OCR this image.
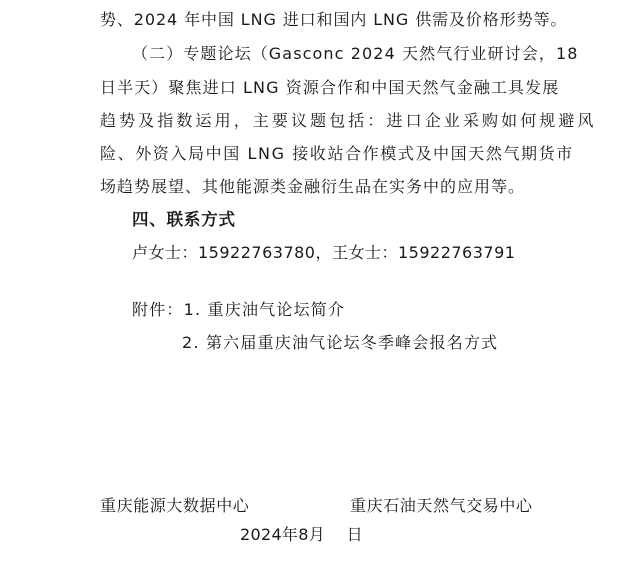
势、2024 年中国 LNG 进口和国内 LNG 供需及价格形势等。
（二）专题论坛（Gasconc 2024 天然气行业研讨会，18
日半天）聚焦进口 LNG 资源合作和中国天然气金融工具发展
趋势及指数运用，主要议题包括：进口企业采购如何规避风
险、外资入局中国 LNG 接收站合作模式及中国天然气期货市
场趋势展望、其他能源类金融衍生品在实务中的应用等。
四、联系方式
卢女士：15922763780，王女士：15922763791
附件：1. 重庆油气论坛简介
2. 第六届重庆油气论坛冬季峰会报名方式
重庆能源大数据中心	重庆石油天然气交易中心
2024年8月　 日
